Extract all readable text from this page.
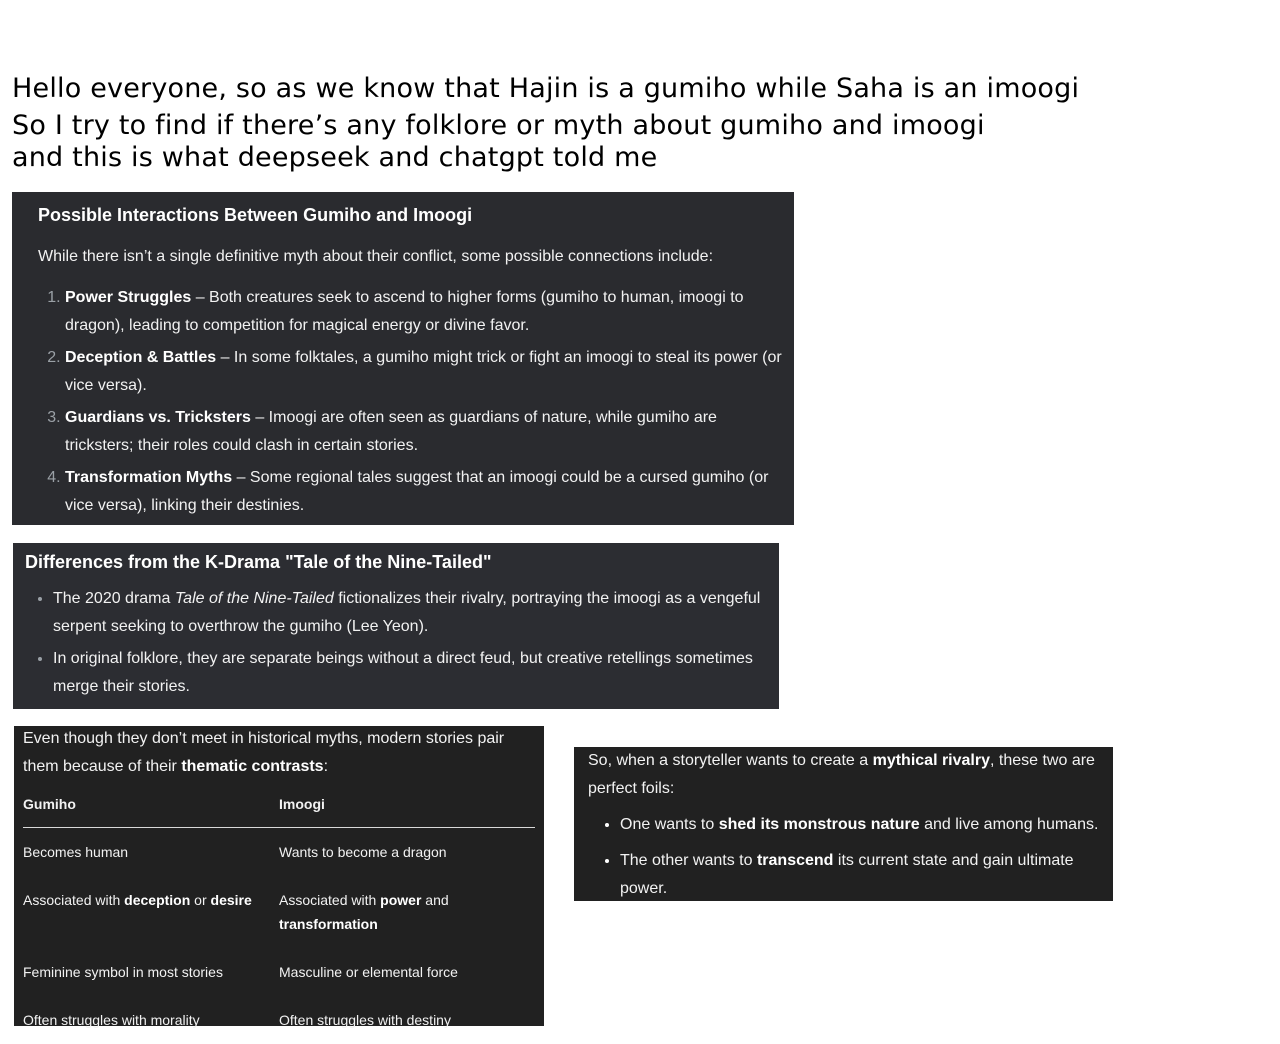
Hello everyone, so as we know that Hajin is a gumiho while Saha is an imoogi
So I try to find if there’s any folklore or myth about gumiho and imoogi
and this is what deepseek and chatgpt told me
Possible Interactions Between Gumiho and Imoogi

While there isn’t a single definitive myth about their conflict, some possible connections include:

1. Power Struggles – Both creatures seek to ascend to higher forms (gumiho to human, imoogi to dragon), leading to competition for magical energy or divine favor.
2. Deception & Battles – In some folktales, a gumiho might trick or fight an imoogi to steal its power (or vice versa).
3. Guardians vs. Tricksters – Imoogi are often seen as guardians of nature, while gumiho are tricksters; their roles could clash in certain stories.
4. Transformation Myths – Some regional tales suggest that an imoogi could be a cursed gumiho (or vice versa), linking their destinies.
Differences from the K-Drama "Tale of the Nine-Tailed"
• The 2020 drama Tale of the Nine-Tailed fictionalizes their rivalry, portraying the imoogi as a vengeful serpent seeking to overthrow the gumiho (Lee Yeon).
• In original folklore, they are separate beings without a direct feud, but creative retellings sometimes merge their stories.

Even though they don’t meet in historical myths, modern stories pair them because of their thematic contrasts:

Gumiho	Imoogi
Becomes human	Wants to become a dragon
Associated with deception or desire	Associated with power and transformation
Feminine symbol in most stories	Masculine or elemental force
Often struggles with morality	Often struggles with destiny

So, when a storyteller wants to create a mythical rivalry, these two are perfect foils:

• One wants to shed its monstrous nature and live among humans.
• The other wants to transcend its current state and gain ultimate power.
